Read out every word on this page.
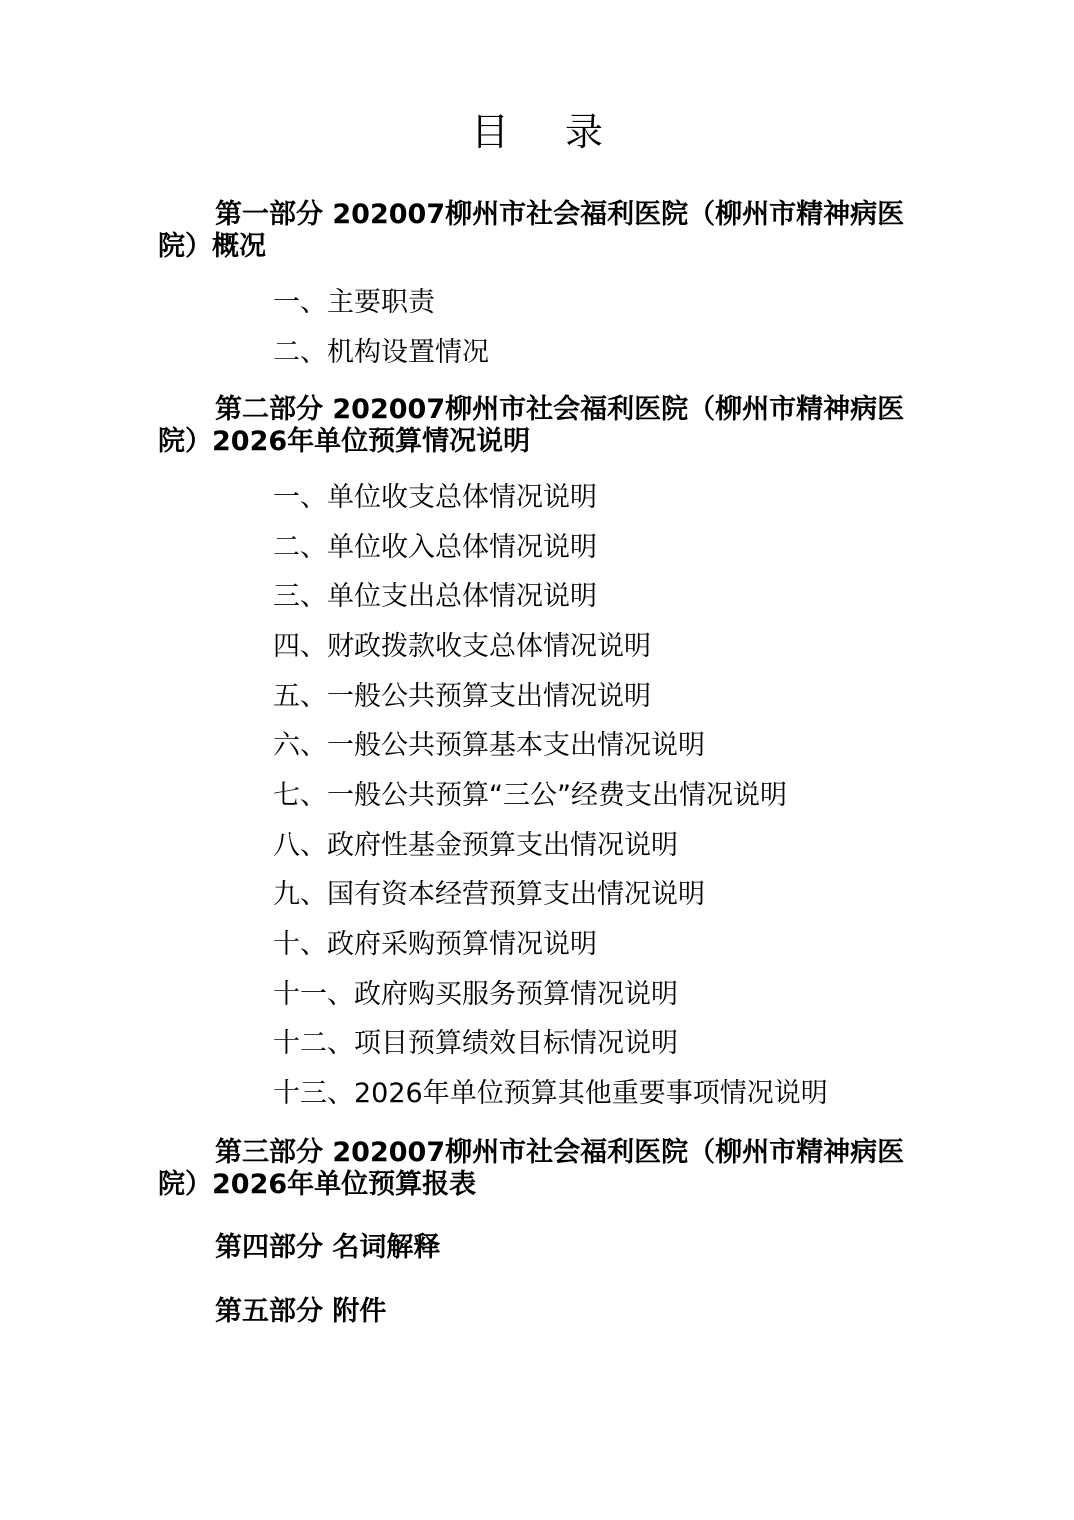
目 录
第一部分 202007柳州市社会福利医院（柳州市精神病医院）概况
一、主要职责
二、机构设置情况
第二部分 202007柳州市社会福利医院（柳州市精神病医院）2026年单位预算情况说明
一、单位收支总体情况说明
二、单位收入总体情况说明
三、单位支出总体情况说明
四、财政拨款收支总体情况说明
五、一般公共预算支出情况说明
六、一般公共预算基本支出情况说明
七、一般公共预算“三公”经费支出情况说明
八、政府性基金预算支出情况说明
九、国有资本经营预算支出情况说明
十、政府采购预算情况说明
十一、政府购买服务预算情况说明
十二、项目预算绩效目标情况说明
十三、2026年单位预算其他重要事项情况说明
第三部分 202007柳州市社会福利医院（柳州市精神病医院）2026年单位预算报表
第四部分 名词解释
第五部分 附件
